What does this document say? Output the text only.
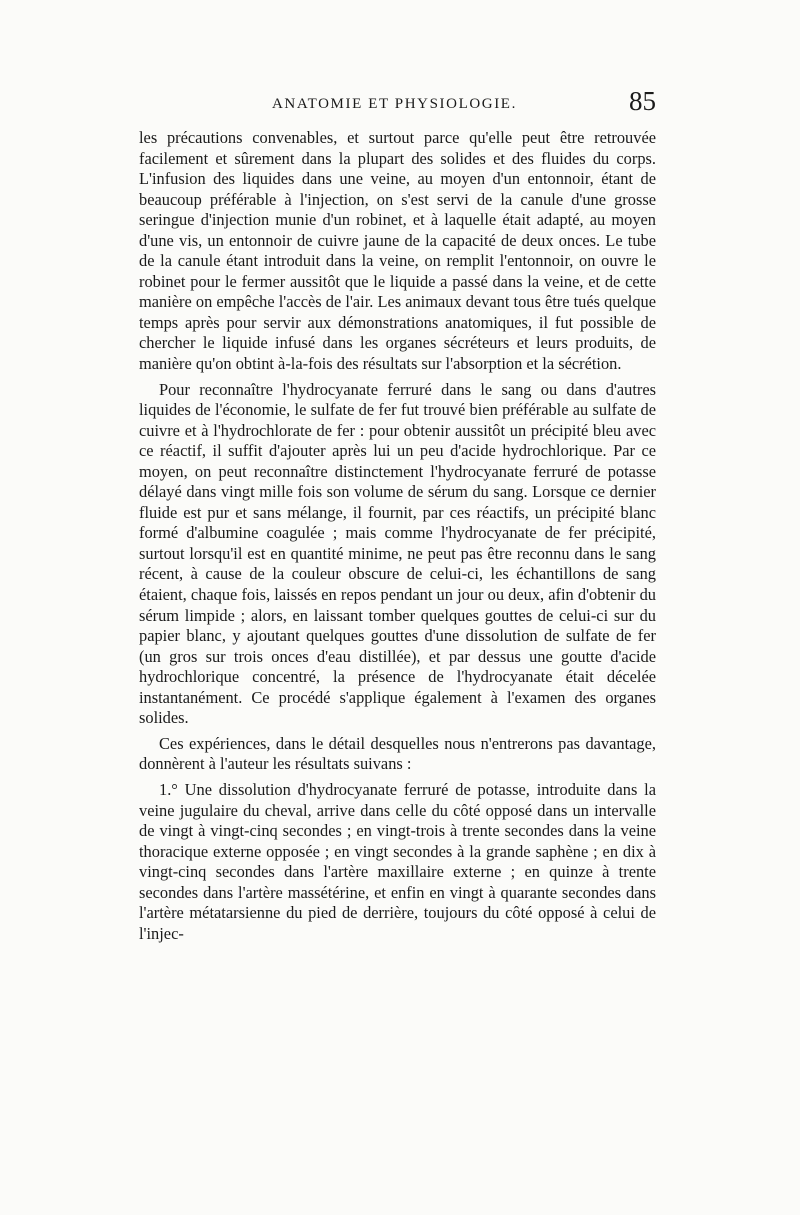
ANATOMIE ET PHYSIOLOGIE.	85

les précautions convenables, et surtout parce qu'elle peut être retrouvée facilement et sûrement dans la plupart des solides et des fluides du corps. L'infusion des liquides dans une veine, au moyen d'un entonnoir, étant de beaucoup préférable à l'injection, on s'est servi de la canule d'une grosse seringue d'injection munie d'un robinet, et à laquelle était adapté, au moyen d'une vis, un entonnoir de cuivre jaune de la capacité de deux onces. Le tube de la canule étant introduit dans la veine, on remplit l'entonnoir, on ouvre le robinet pour le fermer aussitôt que le liquide a passé dans la veine, et de cette manière on empêche l'accès de l'air. Les animaux devant tous être tués quelque temps après pour servir aux démonstrations anatomiques, il fut possible de chercher le liquide infusé dans les organes sécréteurs et leurs produits, de manière qu'on obtint à-la-fois des résultats sur l'absorption et la sécrétion.

Pour reconnaître l'hydrocyanate ferruré dans le sang ou dans d'autres liquides de l'économie, le sulfate de fer fut trouvé bien préférable au sulfate de cuivre et à l'hydrochlorate de fer : pour obtenir aussitôt un précipité bleu avec ce réactif, il suffit d'ajouter après lui un peu d'acide hydrochlorique. Par ce moyen, on peut reconnaître distinctement l'hydrocyanate ferruré de potasse délayé dans vingt mille fois son volume de sérum du sang. Lorsque ce dernier fluide est pur et sans mélange, il fournit, par ces réactifs, un précipité blanc formé d'albumine coagulée ; mais comme l'hydrocyanate de fer précipité, surtout lorsqu'il est en quantité minime, ne peut pas être reconnu dans le sang récent, à cause de la couleur obscure de celui-ci, les échantillons de sang étaient, chaque fois, laissés en repos pendant un jour ou deux, afin d'obtenir du sérum limpide ; alors, en laissant tomber quelques gouttes de celui-ci sur du papier blanc, y ajoutant quelques gouttes d'une dissolution de sulfate de fer (un gros sur trois onces d'eau distillée), et par dessus une goutte d'acide hydrochlorique concentré, la présence de l'hydrocyanate était décelée instantanément. Ce procédé s'applique également à l'examen des organes solides.

Ces expériences, dans le détail desquelles nous n'entrerons pas davantage, donnèrent à l'auteur les résultats suivans :

1.° Une dissolution d'hydrocyanate ferruré de potasse, introduite dans la veine jugulaire du cheval, arrive dans celle du côté opposé dans un intervalle de vingt à vingt-cinq secondes ; en vingt-trois à trente secondes dans la veine thoracique externe opposée ; en vingt secondes à la grande saphène ; en dix à vingt-cinq secondes dans l'artère maxillaire externe ; en quinze à trente secondes dans l'artère massétérine, et enfin en vingt à quarante secondes dans l'artère métatarsienne du pied de derrière, toujours du côté opposé à celui de l'injec-
